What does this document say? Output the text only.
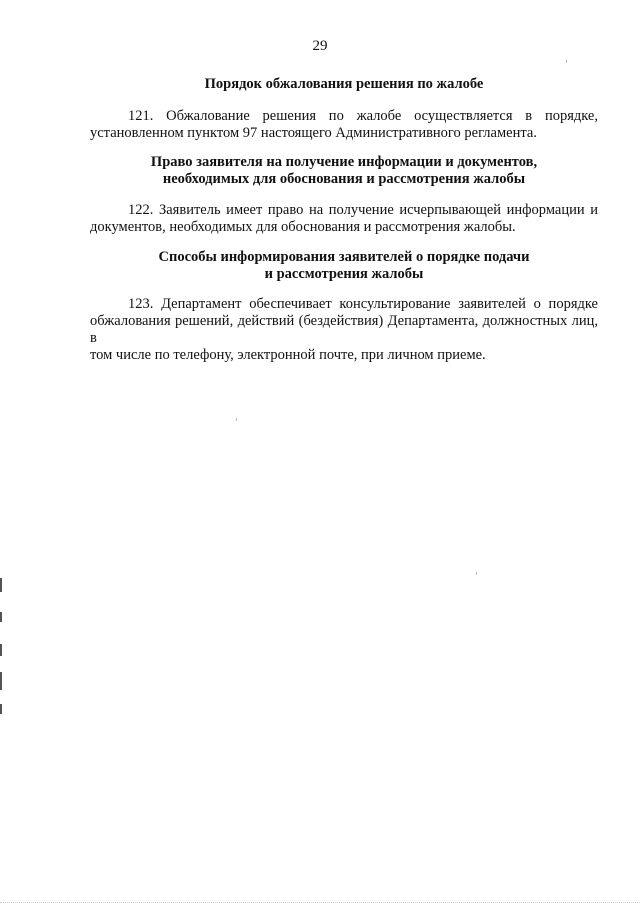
29
Порядок обжалования решения по жалобе
121. Обжалование решения по жалобе осуществляется в порядке,
установленном пунктом 97 настоящего Административного регламента.
Право заявителя на получение информации и документов,
необходимых для обоснования и рассмотрения жалобы
122. Заявитель имеет право на получение исчерпывающей информации и
документов, необходимых для обоснования и рассмотрения жалобы.
Способы информирования заявителей о порядке подачи
и рассмотрения жалобы
123. Департамент обеспечивает консультирование заявителей о порядке
обжалования решений, действий (бездействия) Департамента, должностных лиц, в
том числе по телефону, электронной почте, при личном приеме.
